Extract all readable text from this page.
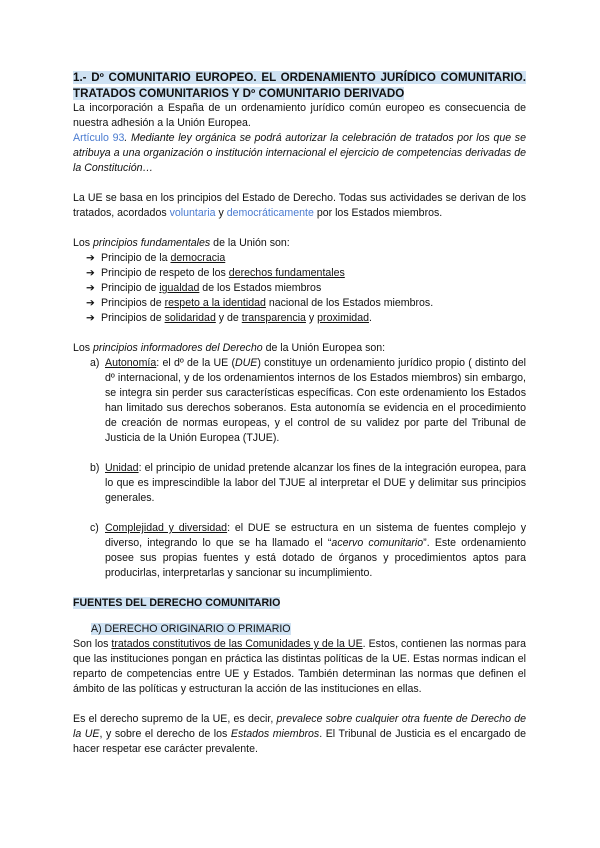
1.- Dº COMUNITARIO EUROPEO. EL ORDENAMIENTO JURÍDICO COMUNITARIO. TRATADOS COMUNITARIOS Y Dº COMUNITARIO DERIVADO

La incorporación a España de un ordenamiento jurídico común europeo es consecuencia de nuestra adhesión a la Unión Europea.

Artículo 93. Mediante ley orgánica se podrá autorizar la celebración de tratados por los que se atribuya a una organización o institución internacional el ejercicio de competencias derivadas de la Constitución…

La UE se basa en los principios del Estado de Derecho. Todas sus actividades se derivan de los tratados, acordados voluntaria y democráticamente por los Estados miembros.

Los principios fundamentales de la Unión son:

➔ Principio de la democracia
➔ Principio de respeto de los derechos fundamentales
➔ Principio de igualdad de los Estados miembros
➔ Principios de respeto a la identidad nacional de los Estados miembros.
➔ Principios de solidaridad y de transparencia y proximidad.

Los principios informadores del Derecho de la Unión Europea son:

a) Autonomía: el dº de la UE (DUE) constituye un ordenamiento jurídico propio ( distinto del dº internacional, y de los ordenamientos internos de los Estados miembros) sin embargo, se integra sin perder sus características específicas. Con este ordenamiento los Estados han limitado sus derechos soberanos. Esta autonomía se evidencia en el procedimiento de creación de normas europeas, y el control de su validez por parte del Tribunal de Justicia de la Unión Europea (TJUE).
b) Unidad: el principio de unidad pretende alcanzar los fines de la integración europea, para lo que es imprescindible la labor del TJUE al interpretar el DUE y delimitar sus principios generales.
c) Complejidad y diversidad: el DUE se estructura en un sistema de fuentes complejo y diverso, integrando lo que se ha llamado el “acervo comunitario”. Este ordenamiento posee sus propias fuentes y está dotado de órganos y procedimientos aptos para producirlas, interpretarlas y sancionar su incumplimiento.

FUENTES DEL DERECHO COMUNITARIO

A) DERECHO ORIGINARIO O PRIMARIO

Son los tratados constitutivos de las Comunidades y de la UE. Estos, contienen las normas para que las instituciones pongan en práctica las distintas políticas de la UE. Estas normas indican el reparto de competencias entre UE y Estados. También determinan las normas que definen el ámbito de las políticas y estructuran la acción de las instituciones en ellas.

Es el derecho supremo de la UE, es decir, prevalece sobre cualquier otra fuente de Derecho de la UE, y sobre el derecho de los Estados miembros. El Tribunal de Justicia es el encargado de hacer respetar ese carácter prevalente.
